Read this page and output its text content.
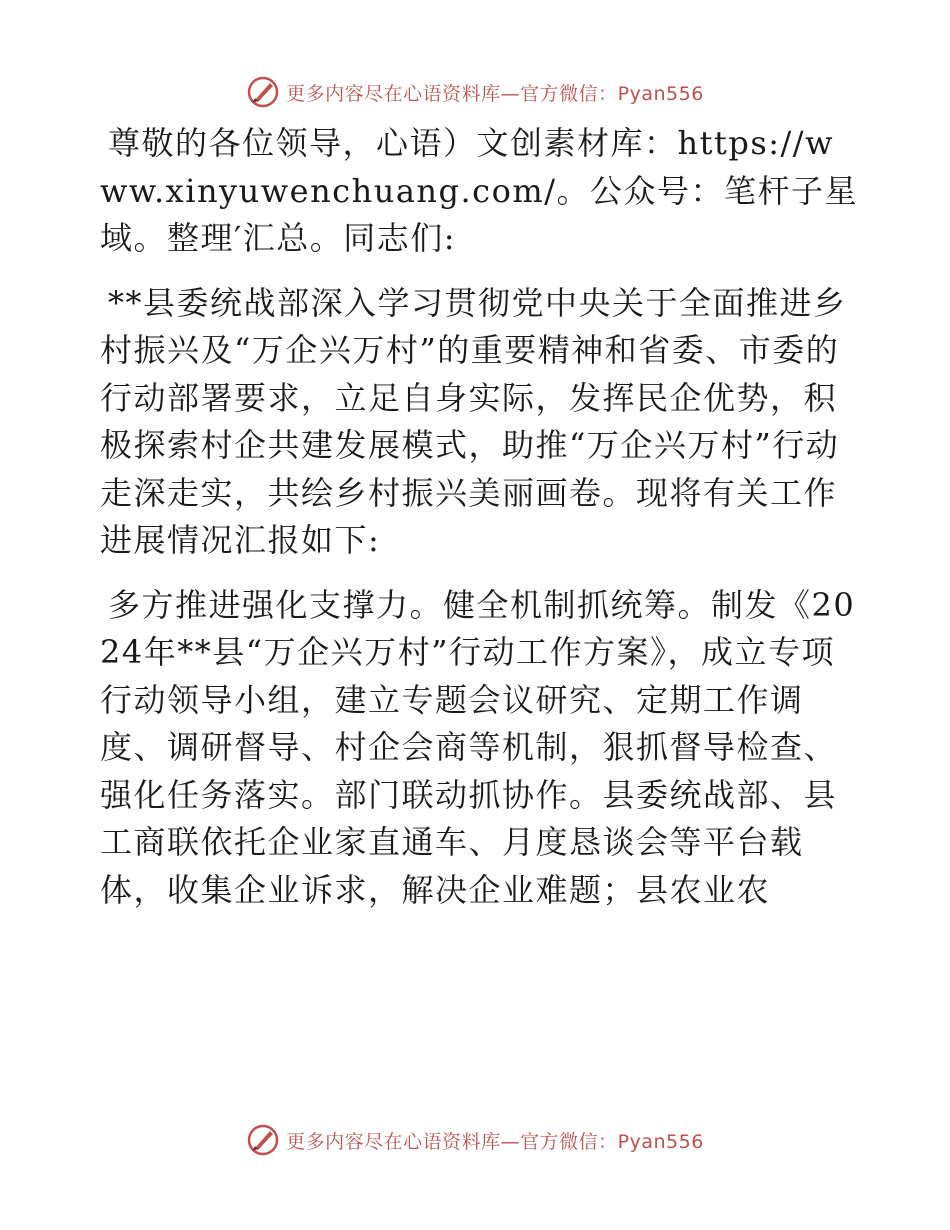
更多内容尽在心语资料库—官方微信：Pyan556

尊敬的各位领导，心语）文创素材库：https://www.xinyuwenchuang.com/。公众号：笔杆子星域。整理′汇总。同志们:

**县委统战部深入学习贯彻党中央关于全面推进乡村振兴及“万企兴万村”的重要精神和省委、市委的行动部署要求，立足自身实际，发挥民企优势，积极探索村企共建发展模式，助推“万企兴万村”行动走深走实，共绘乡村振兴美丽画卷。现将有关工作进展情况汇报如下:

多方推进强化支撑力。健全机制抓统筹。制发《2024年**县“万企兴万村”行动工作方案》，成立专项行动领导小组，建立专题会议研究、定期工作调度、调研督导、村企会商等机制，狠抓督导检查、强化任务落实。部门联动抓协作。县委统战部、县工商联依托企业家直通车、月度恳谈会等平台载体，收集企业诉求，解决企业难题；县农业农

更多内容尽在心语资料库—官方微信：Pyan556
